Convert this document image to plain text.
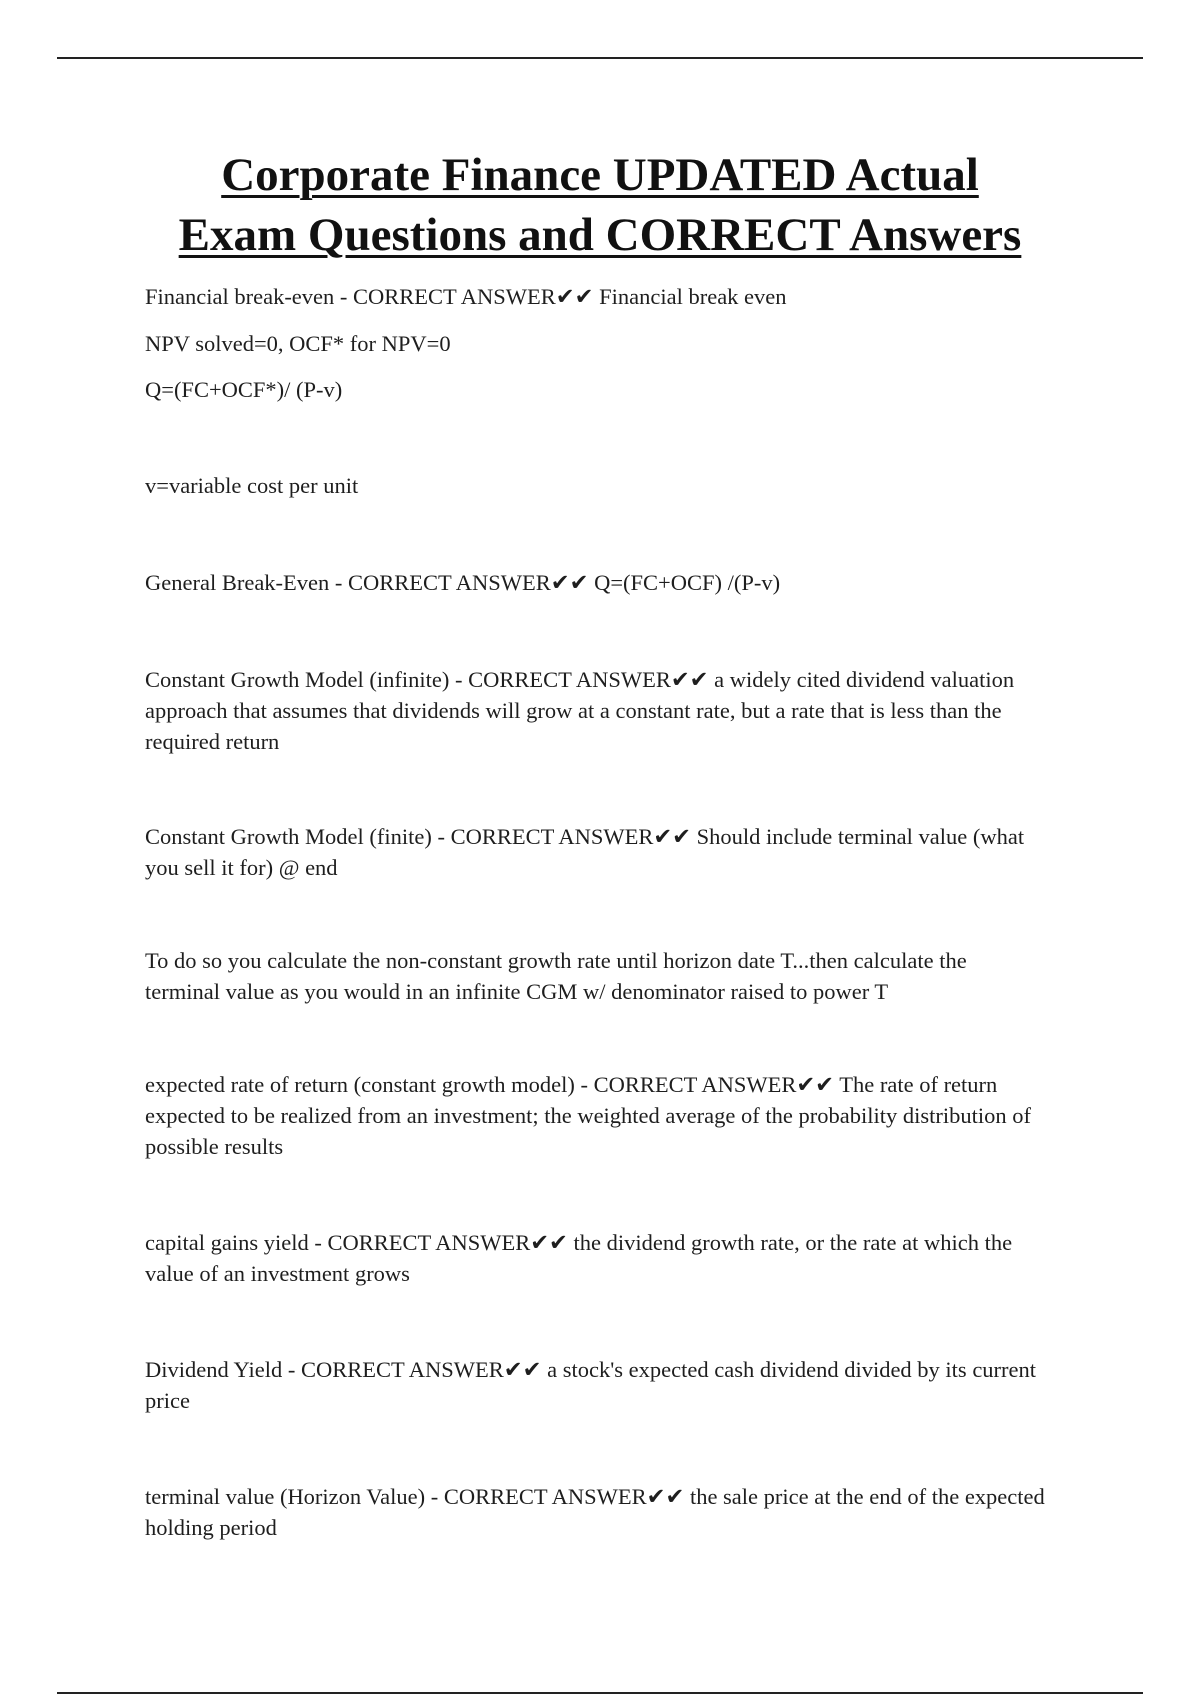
Corporate Finance UPDATED Actual
Exam Questions and CORRECT Answers

Financial break-even - CORRECT ANSWER✔✔ Financial break even

NPV solved=0, OCF* for NPV=0

Q=(FC+OCF*)/ (P-v)

v=variable cost per unit

General Break-Even - CORRECT ANSWER✔✔ Q=(FC+OCF) /(P-v)

Constant Growth Model (infinite) - CORRECT ANSWER✔✔ a widely cited dividend valuation approach that assumes that dividends will grow at a constant rate, but a rate that is less than the required return

Constant Growth Model (finite) - CORRECT ANSWER✔✔ Should include terminal value (what you sell it for) @ end

To do so you calculate the non-constant growth rate until horizon date T...then calculate the terminal value as you would in an infinite CGM w/ denominator raised to power T

expected rate of return (constant growth model) - CORRECT ANSWER✔✔ The rate of return expected to be realized from an investment; the weighted average of the probability distribution of possible results

capital gains yield - CORRECT ANSWER✔✔ the dividend growth rate, or the rate at which the value of an investment grows

Dividend Yield - CORRECT ANSWER✔✔ a stock's expected cash dividend divided by its current price

terminal value (Horizon Value) - CORRECT ANSWER✔✔ the sale price at the end of the expected holding period
